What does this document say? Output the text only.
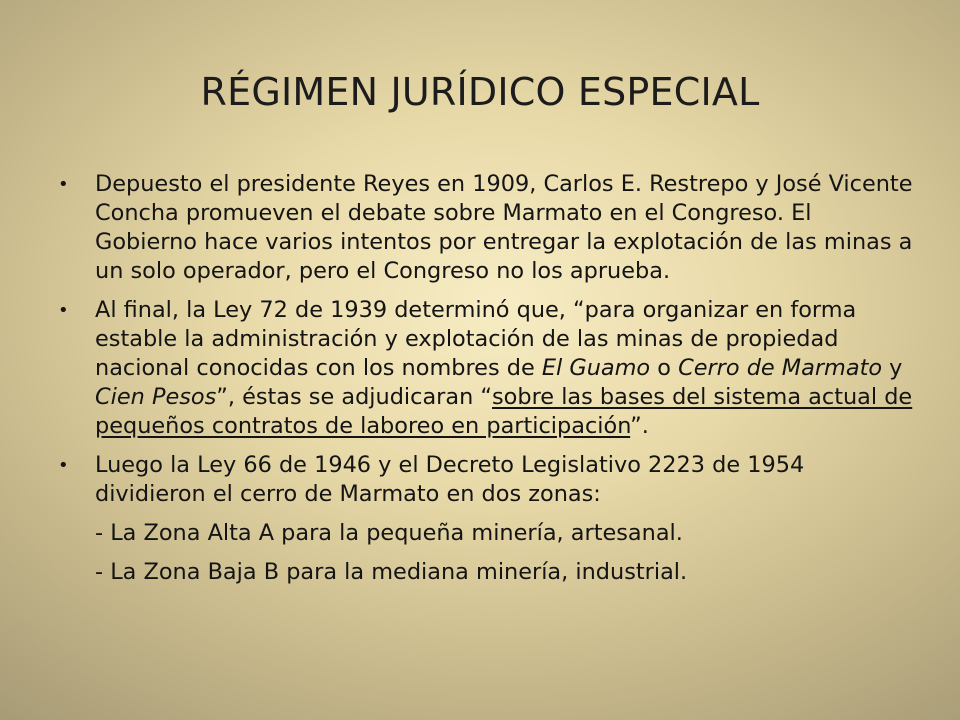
RÉGIMEN JURÍDICO ESPECIAL
• Depuesto el presidente Reyes en 1909, Carlos E. Restrepo y José Vicente Concha promueven el debate sobre Marmato en el Congreso. El Gobierno hace varios intentos por entregar la explotación de las minas a un solo operador, pero el Congreso no los aprueba.
• Al final, la Ley 72 de 1939 determinó que, “para organizar en forma estable la administración y explotación de las minas de propiedad nacional conocidas con los nombres de El Guamo o Cerro de Marmato y Cien Pesos”, éstas se adjudicaran “sobre las bases del sistema actual de pequeños contratos de laboreo en participación”.
• Luego la Ley 66 de 1946 y el Decreto Legislativo 2223 de 1954 dividieron el cerro de Marmato en dos zonas:
- La Zona Alta A para la pequeña minería, artesanal.
- La Zona Baja B para la mediana minería, industrial.
